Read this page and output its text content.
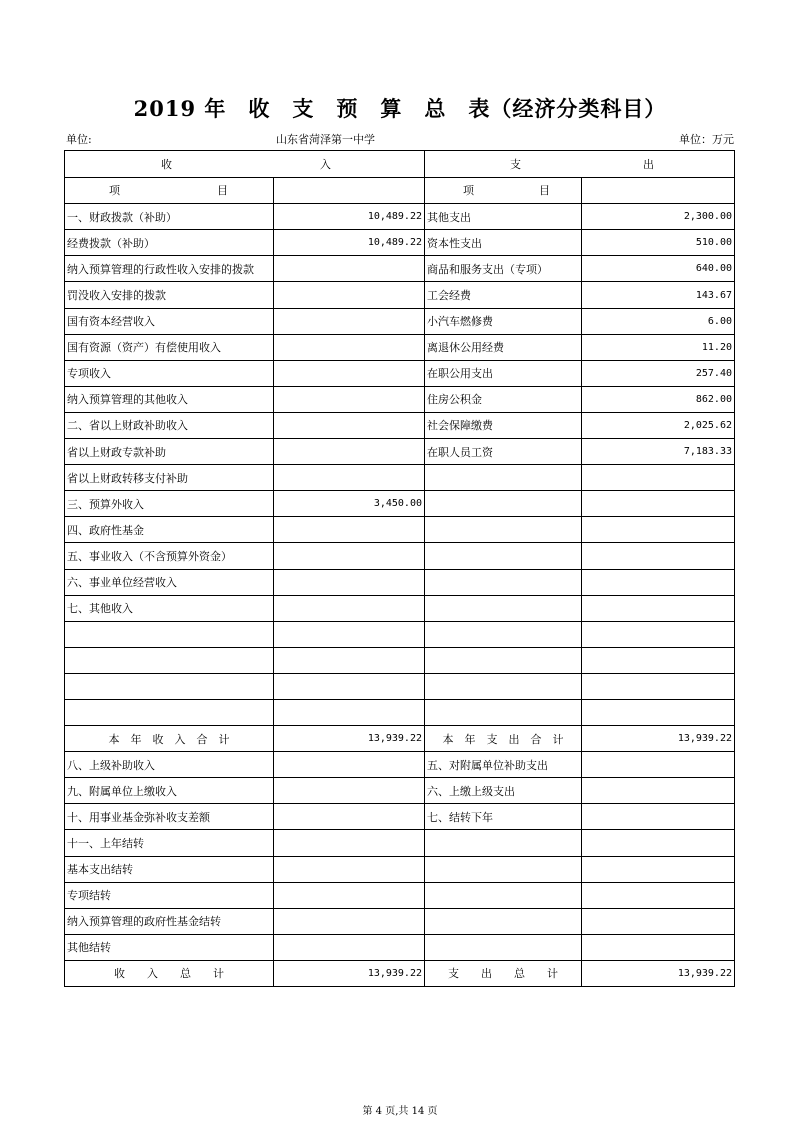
2019 年　收　支　预　算　总　表（经济分类科目）
单位:	山东省菏泽第一中学	单位：万元
收 入		支 出	

项 目		项 目	

一、财政拨款（补助）	10,489.22	其他支出	2,300.00
经费拨款（补助）	10,489.22	资本性支出	510.00
纳入预算管理的行政性收入安排的拨款		商品和服务支出（专项）	640.00
罚没收入安排的拨款		工会经费	143.67
国有资本经营收入		小汽车燃修费	6.00
国有资源（资产）有偿使用收入		离退休公用经费	11.20
专项收入		在职公用支出	257.40
纳入预算管理的其他收入		住房公积金	862.00
二、省以上财政补助收入		社会保障缴费	2,025.62
省以上财政专款补助		在职人员工资	7,183.33
省以上财政转移支付补助			
三、预算外收入	3,450.00		
四、政府性基金			
五、事业收入（不含预算外资金）			
六、事业单位经营收入			
七、其他收入			

本　年　收　入　合　计	13,939.22	本　年　支　出　合　计	13,939.22
八、上级补助收入		五、对附属单位补助支出	
九、附属单位上缴收入		六、上缴上级支出	
十、用事业基金弥补收支差额		七、结转下年	
十一、上年结转			
基本支出结转			
专项结转			
纳入预算管理的政府性基金结转			
其他结转			
收　　入　　总　　计	13,939.22	支　　出　　总　　计	13,939.22
第 4 页,共 14 页
